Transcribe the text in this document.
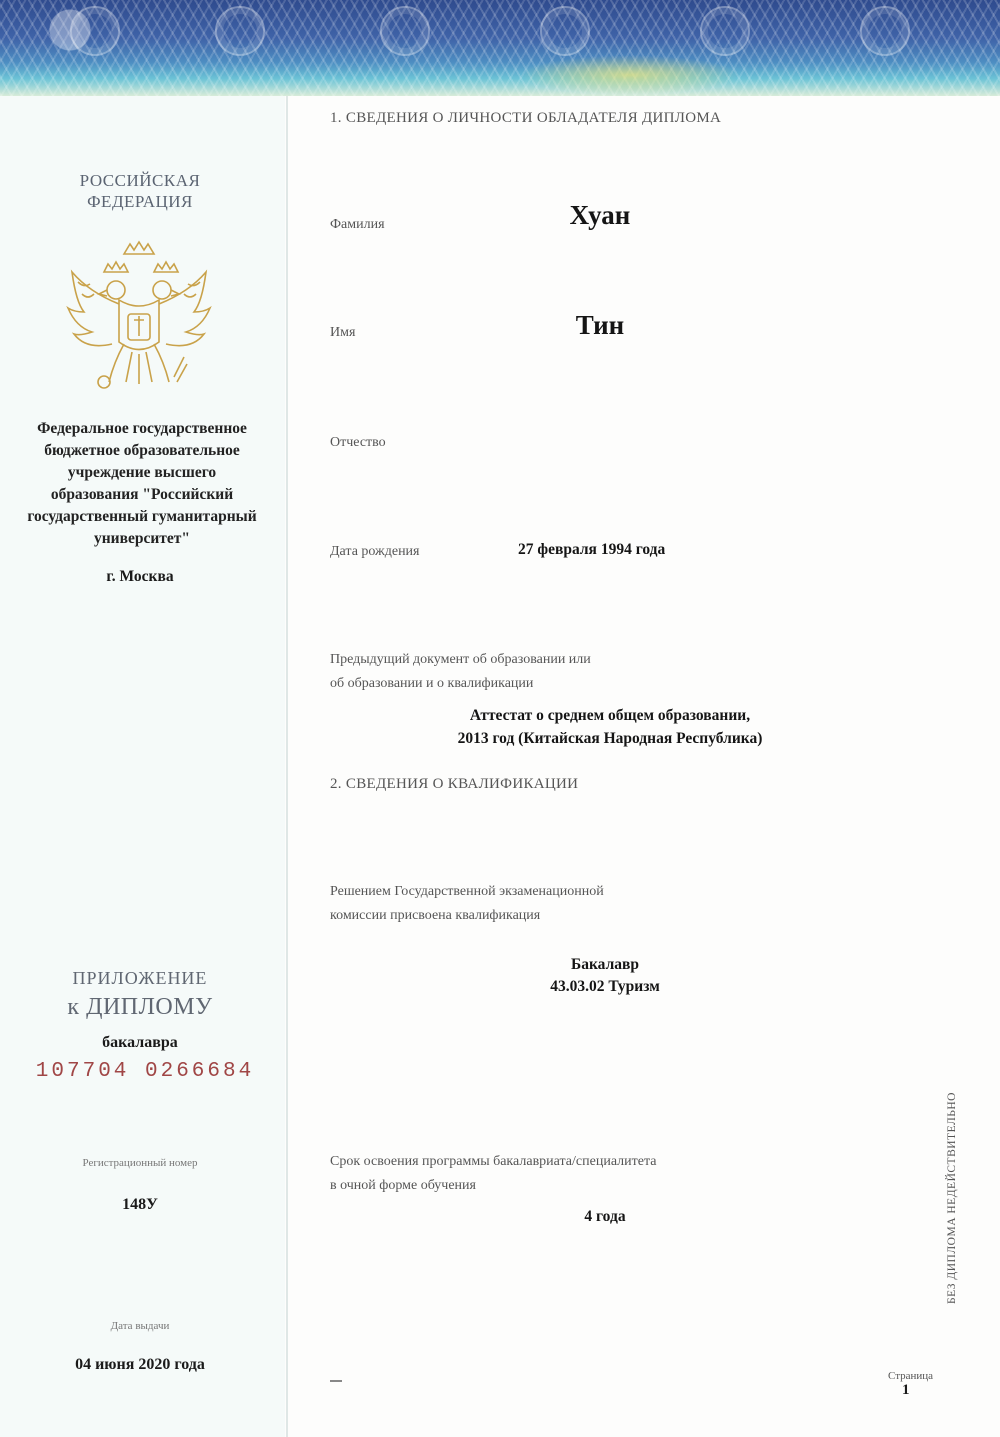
РОССИЙСКАЯ
ФЕДЕРАЦИЯ
Федеральное государственное
бюджетное образовательное
учреждение высшего
образования "Российский
государственный гуманитарный
университет"
г. Москва
ПРИЛОЖЕНИЕ
к ДИПЛОМУ
бакалавра
107704 0266684
Регистрационный номер
148У
Дата выдачи
04 июня 2020 года
1. СВЕДЕНИЯ О ЛИЧНОСТИ ОБЛАДАТЕЛЯ ДИПЛОМА
Фамилия	Хуан
Имя	Тин
Отчество
Дата рождения	27 февраля 1994 года
Предыдущий документ об образовании или
об образовании и о квалификации
Аттестат о среднем общем образовании,
2013 год (Китайская Народная Республика)
2. СВЕДЕНИЯ О КВАЛИФИКАЦИИ
Решением Государственной экзаменационной
комиссии присвоена квалификация
Бакалавр
43.03.02 Туризм
Срок освоения программы бакалавриата/специалитета
в очной форме обучения
4 года	БЕЗ ДИПЛОМА НЕДЕЙСТВИТЕЛЬНО
Страница
1
